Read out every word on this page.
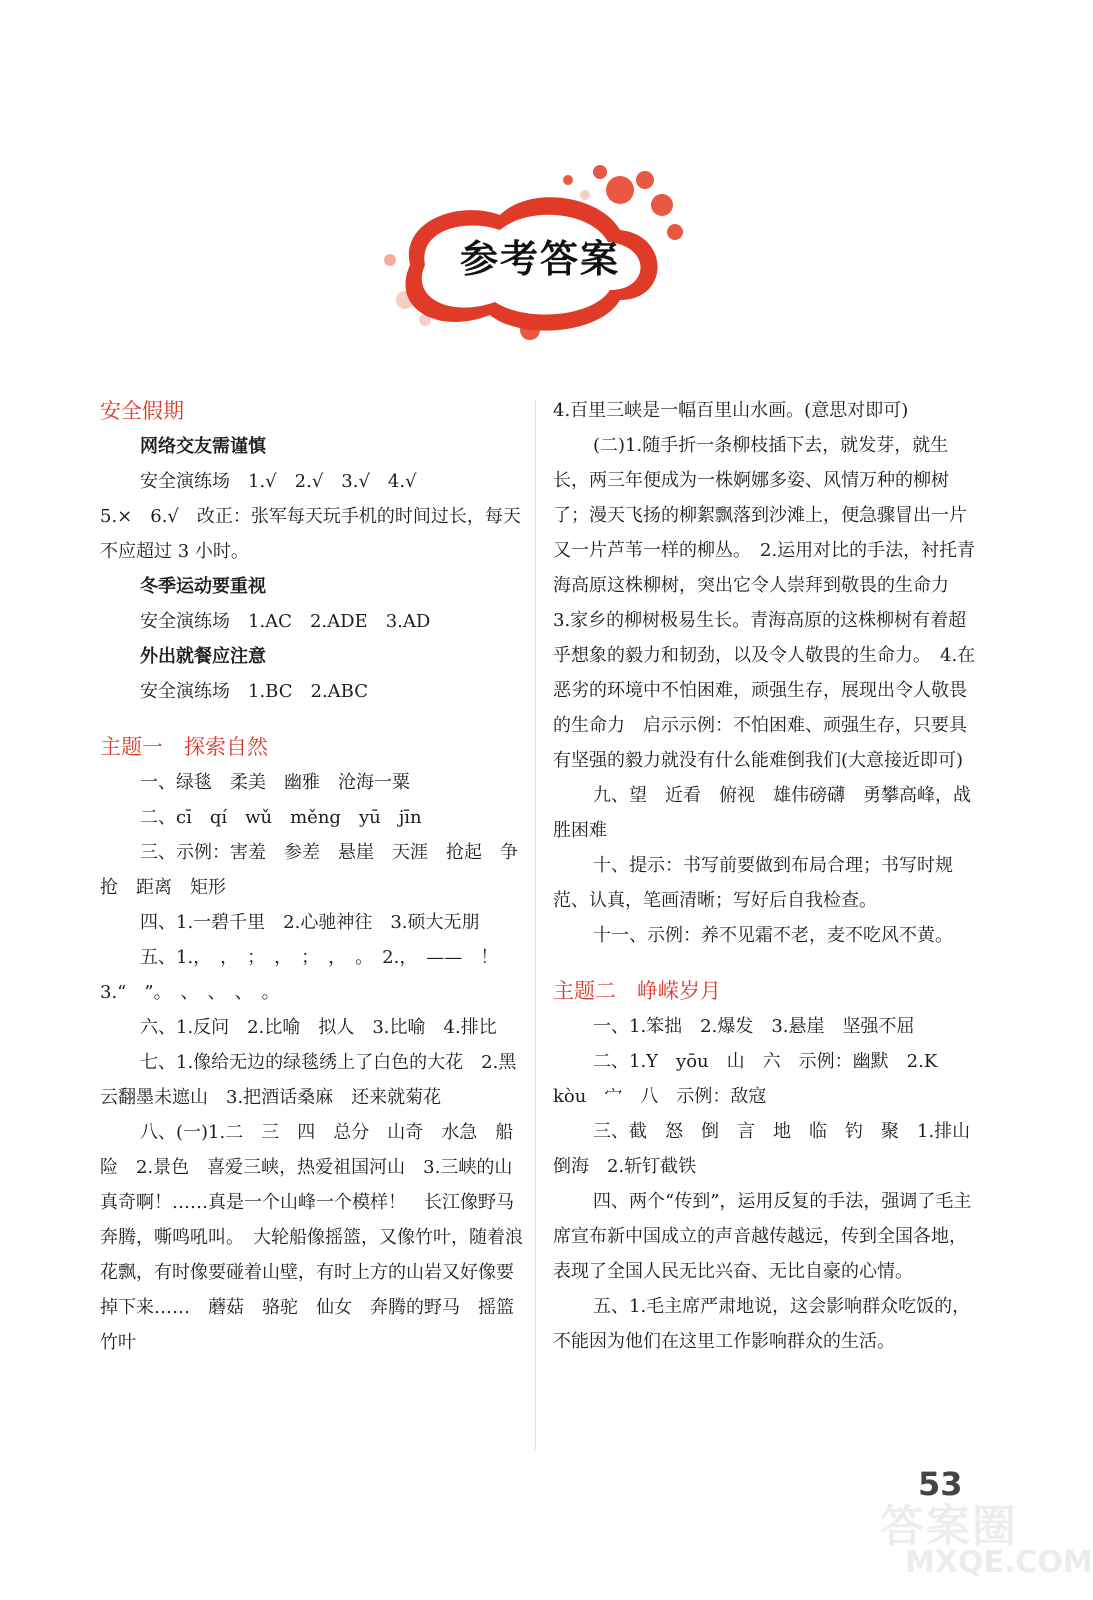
参考答案
安全假期
网络交友需谨慎
安全演练场　1.√　2.√　3.√　4.√
5.×　6.√　改正：张军每天玩手机的时间过长，每天不应超过 3 小时。
冬季运动要重视
安全演练场　1.AC　2.ADE　3.AD
外出就餐应注意
安全演练场　1.BC　2.ABC
主题一　探索自然
一、绿毯　柔美　幽雅　沧海一粟
二、cī　qí　wǔ　měng　yū　jīn
三、示例：害羞　参差　悬崖　天涯　抢起　争抢　距离　矩形
四、1.一碧千里　2.心驰神往　3.硕大无朋
五、1.，　，　；　，　；　，　。　2.，　——　！　3.“　”。　、　、　、　。
六、1.反问　2.比喻　拟人　3.比喻　4.排比
七、1.像给无边的绿毯绣上了白色的大花　2.黑云翻墨未遮山　3.把酒话桑麻　还来就菊花
八、(一)1.二　三　四　总分　山奇　水急　船险　2.景色　喜爱三峡，热爱祖国河山　3.三峡的山真奇啊！……真是一个山峰一个模样！　长江像野马奔腾，嘶鸣吼叫。　大轮船像摇篮，又像竹叶，随着浪花飘，有时像要碰着山壁，有时上方的山岩又好像要掉下来……　蘑菇　骆驼　仙女　奔腾的野马　摇篮　竹叶
4.百里三峡是一幅百里山水画。(意思对即可)
(二)1.随手折一条柳枝插下去，就发芽，就生长，两三年便成为一株婀娜多姿、风情万种的柳树了；漫天飞扬的柳絮飘落到沙滩上，便急骤冒出一片又一片芦苇一样的柳丛。　2.运用对比的手法，衬托青海高原这株柳树，突出它令人崇拜到敬畏的生命力　3.家乡的柳树极易生长。青海高原的这株柳树有着超乎想象的毅力和韧劲，以及令人敬畏的生命力。　4.在恶劣的环境中不怕困难，顽强生存，展现出令人敬畏的生命力　启示示例：不怕困难、顽强生存，只要具有坚强的毅力就没有什么能难倒我们(大意接近即可)
九、望　近看　俯视　雄伟磅礴　勇攀高峰，战胜困难
十、提示：书写前要做到布局合理；书写时规范、认真，笔画清晰；写好后自我检查。
十一、示例：养不见霜不老，麦不吃风不黄。
主题二　峥嵘岁月
一、1.笨拙　2.爆发　3.悬崖　坚强不屈
二、1.Y　yōu　山　六　示例：幽默　2.K　kòu　宀　八　示例：敌寇
三、截　怒　倒　言　地　临　钓　聚　1.排山倒海　2.斩钉截铁
四、两个“传到”，运用反复的手法，强调了毛主席宣布新中国成立的声音越传越远，传到全国各地，表现了全国人民无比兴奋、无比自豪的心情。
五、1.毛主席严肃地说，这会影响群众吃饭的，不能因为他们在这里工作影响群众的生活。
53
答案圈
MXQE.COM
